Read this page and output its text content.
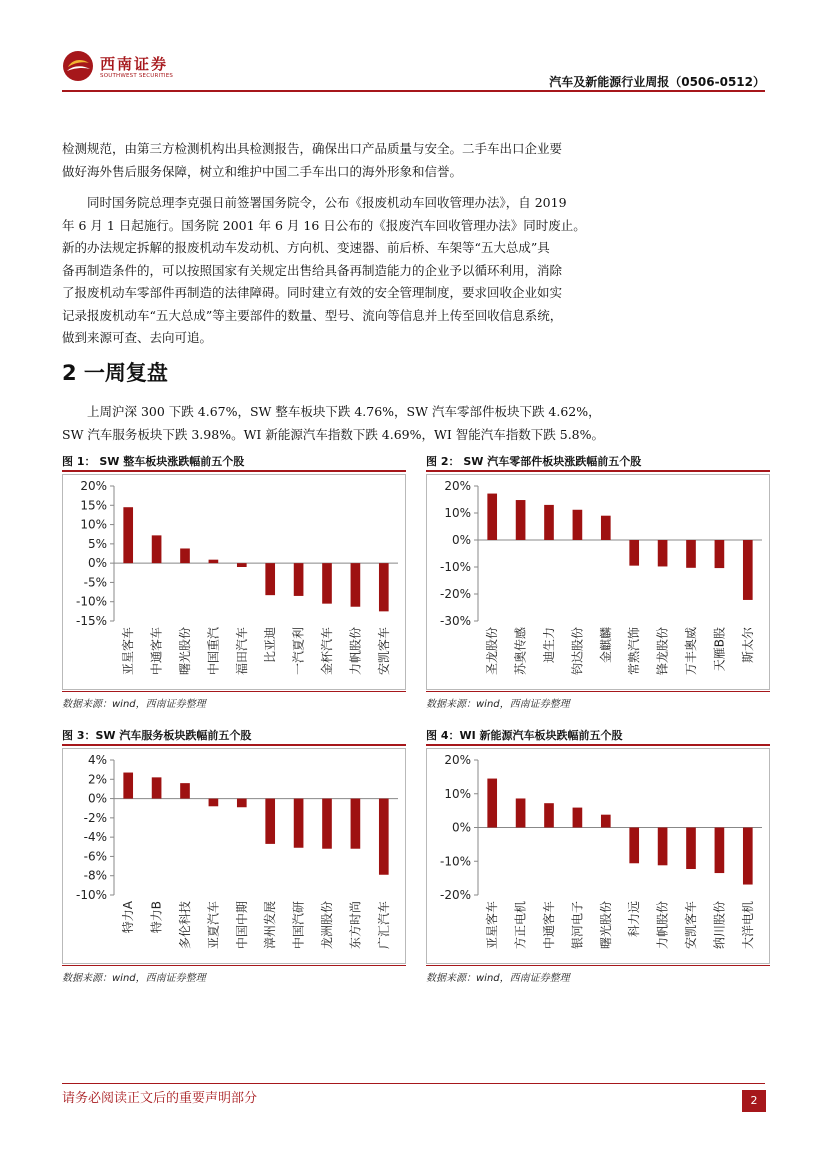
西南证券
SOUTHWEST SECURITIES	汽车及新能源行业周报（0506-0512）

检测规范，由第三方检测机构出具检测报告，确保出口产品质量与安全。二手车出口企业要

做好海外售后服务保障，树立和维护中国二手车出口的海外形象和信誉。

同时国务院总理李克强日前签署国务院令，公布《报废机动车回收管理办法》，自 2019

年 6 月 1 日起施行。国务院 2001 年 6 月 16 日公布的《报废汽车回收管理办法》同时废止。

新的办法规定拆解的报废机动车发动机、方向机、变速器、前后桥、车架等“五大总成”具

备再制造条件的，可以按照国家有关规定出售给具备再制造能力的企业予以循环利用，消除

了报废机动车零部件再制造的法律障碍。同时建立有效的安全管理制度，要求回收企业如实

记录报废机动车“五大总成”等主要部件的数量、型号、流向等信息并上传至回收信息系统，

做到来源可查、去向可追。

2 一周复盘

上周沪深 300 下跌 4.67%，SW 整车板块下跌 4.76%，SW 汽车零部件板块下跌 4.62%，

SW 汽车服务板块下跌 3.98%。WI 新能源汽车指数下跌 4.69%，WI 智能汽车指数下跌 5.8%。

图 1： SW 整车板块涨跌幅前五个股
20%
15%
10%
5%
0%
-5%
-10%
-15%
亚星客车 中通客车 曙光股份 中国重汽 福田汽车 比亚迪 一汽夏利 金杯汽车 力帆股份 安凯客车
数据来源：wind，西南证券整理
图 2： SW 汽车零部件板块涨跌幅前五个股
20%
10%
0%
-10%
-20%
-30%
圣龙股份 苏奥传感 迪生力 钧达股份 金麒麟 常熟汽饰 锋龙股份 万丰奥威 天雁B股 斯太尔
数据来源：wind，西南证券整理
图 3：SW 汽车服务板块跌幅前五个股
4%
2%
0%
-2%
-4%
-6%
-8%
-10%
特力A 特力B 多伦科技 亚夏汽车 中国中期 漳州发展 中国汽研 龙洲股份 东方时尚 广汇汽车
数据来源：wind，西南证券整理
图 4：WI 新能源汽车板块跌幅前五个股
20%
10%
0%
-10%
-20%
亚星客车 方正电机 中通客车 银河电子 曙光股份 科力远 力帆股份 安凯客车 纳川股份 大洋电机
数据来源：wind，西南证券整理
请务必阅读正文后的重要声明部分	2
